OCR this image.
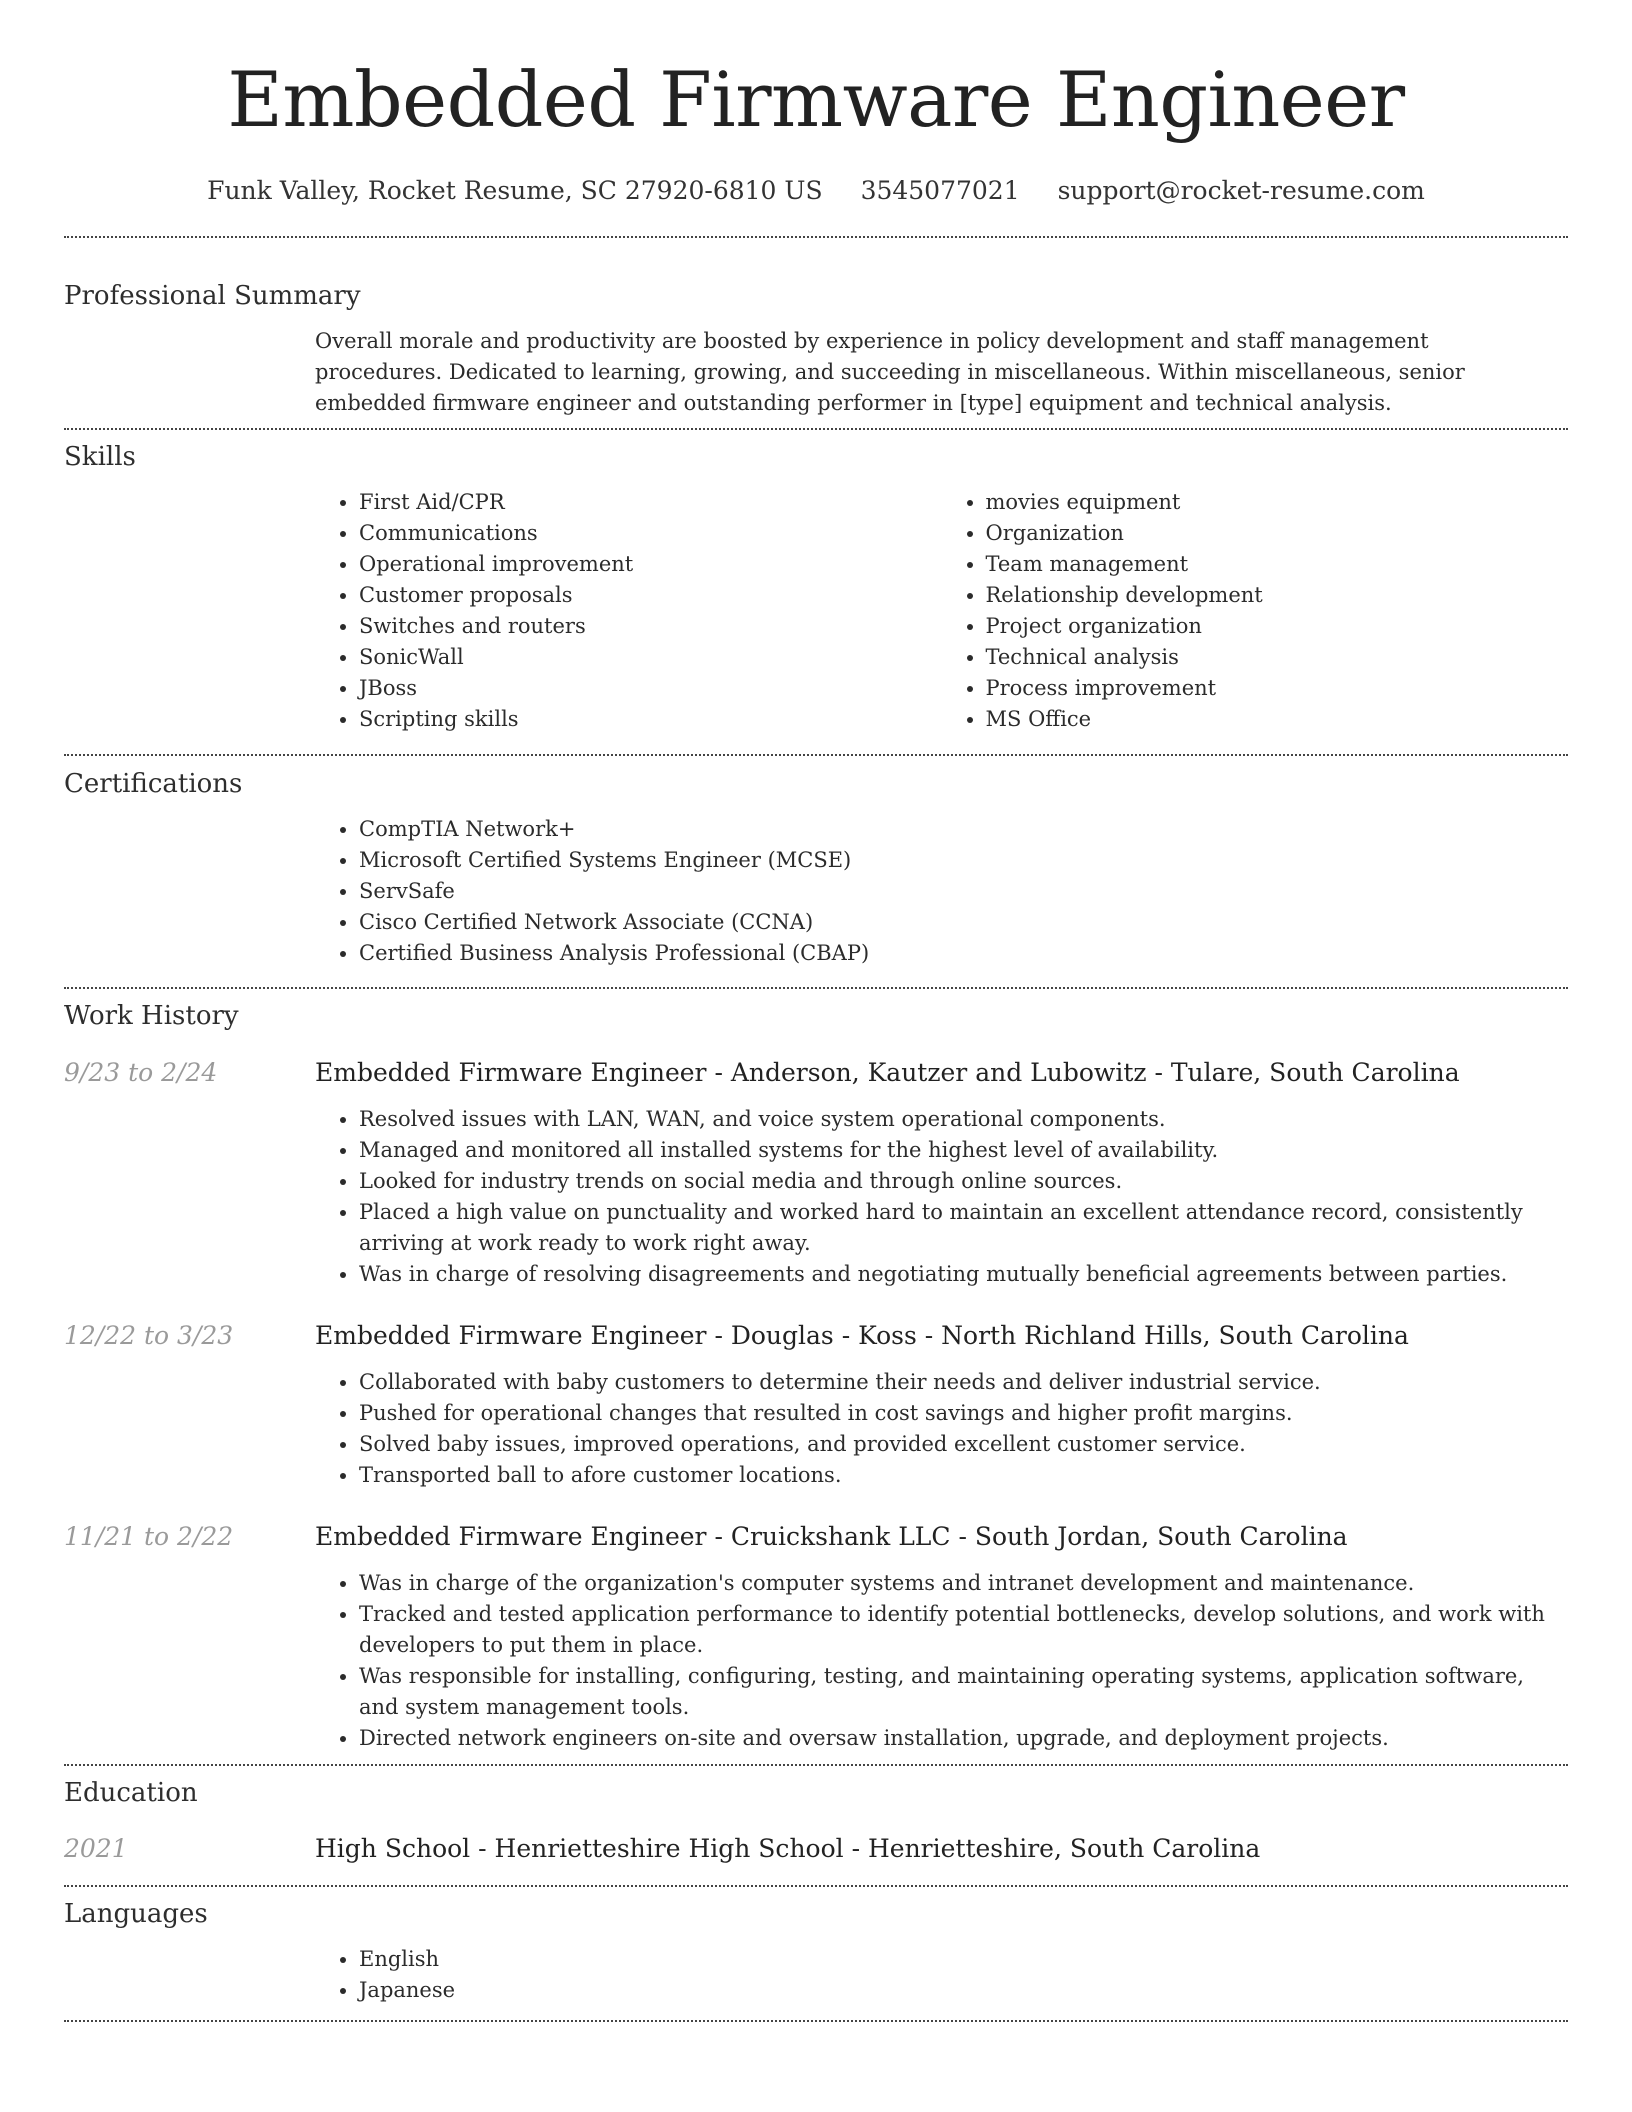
Embedded Firmware Engineer
Funk Valley, Rocket Resume, SC 27920-6810 US 3545077021 support@rocket-resume.com
Professional Summary
Overall morale and productivity are boosted by experience in policy development and staff management procedures. Dedicated to learning, growing, and succeeding in miscellaneous. Within miscellaneous, senior embedded firmware engineer and outstanding performer in [type] equipment and technical analysis.
Skills
• First Aid/CPR
• Communications
• Operational improvement
• Customer proposals
• Switches and routers
• SonicWall
• JBoss
• Scripting skills
• movies equipment
• Organization
• Team management
• Relationship development
• Project organization
• Technical analysis
• Process improvement
• MS Office
Certifications
• CompTIA Network+
• Microsoft Certified Systems Engineer (MCSE)
• ServSafe
• Cisco Certified Network Associate (CCNA)
• Certified Business Analysis Professional (CBAP)
Work History
9/23 to 2/24	Embedded Firmware Engineer - Anderson, Kautzer and Lubowitz - Tulare, South Carolina
• Resolved issues with LAN, WAN, and voice system operational components.
• Managed and monitored all installed systems for the highest level of availability.
• Looked for industry trends on social media and through online sources.
• Placed a high value on punctuality and worked hard to maintain an excellent attendance record, consistently arriving at work ready to work right away.
• Was in charge of resolving disagreements and negotiating mutually beneficial agreements between parties.
12/22 to 3/23	Embedded Firmware Engineer - Douglas - Koss - North Richland Hills, South Carolina
• Collaborated with baby customers to determine their needs and deliver industrial service.
• Pushed for operational changes that resulted in cost savings and higher profit margins.
• Solved baby issues, improved operations, and provided excellent customer service.
• Transported ball to afore customer locations.
11/21 to 2/22	Embedded Firmware Engineer - Cruickshank LLC - South Jordan, South Carolina
• Was in charge of the organization's computer systems and intranet development and maintenance.
• Tracked and tested application performance to identify potential bottlenecks, develop solutions, and work with developers to put them in place.
• Was responsible for installing, configuring, testing, and maintaining operating systems, application software, and system management tools.
• Directed network engineers on-site and oversaw installation, upgrade, and deployment projects.
Education
2021	High School - Henrietteshire High School - Henrietteshire, South Carolina
Languages
• English
• Japanese
